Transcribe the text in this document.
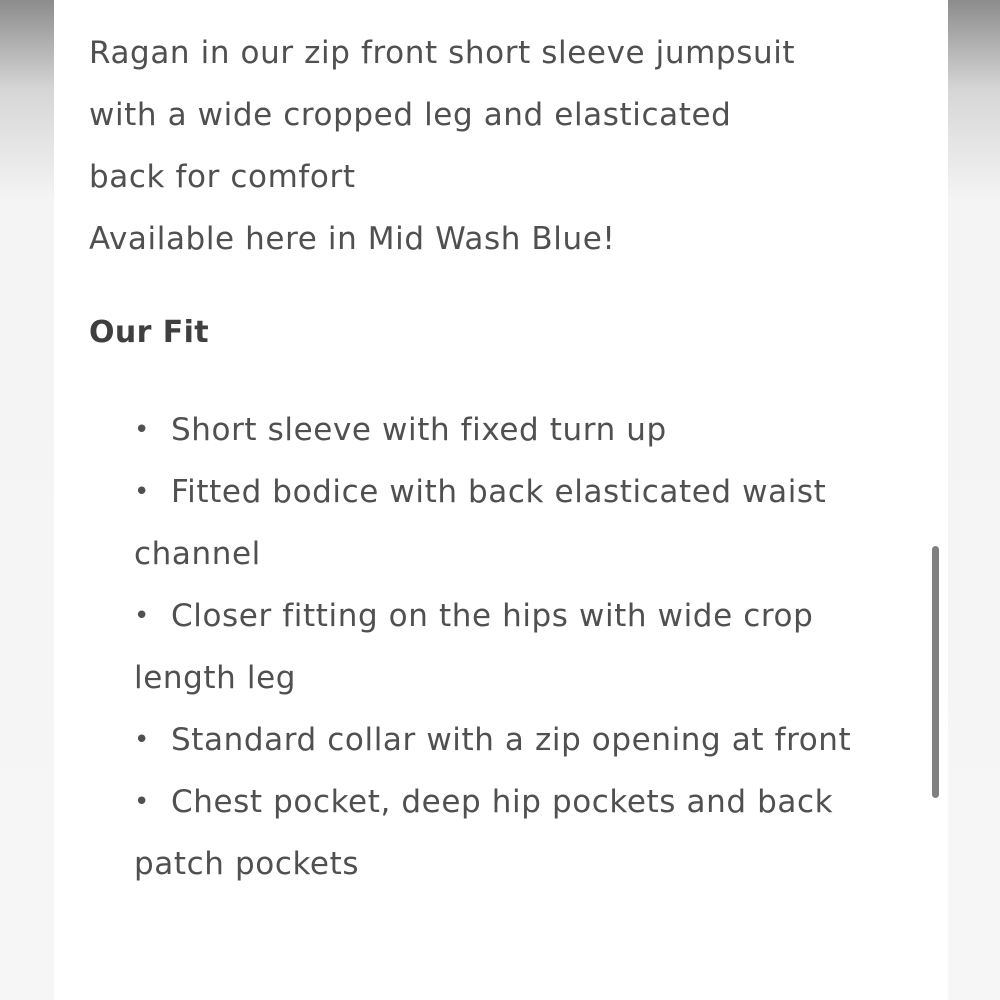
Ragan in our zip front short sleeve jumpsuit

with a wide cropped leg and elasticated

back for comfort

Available here in Mid Wash Blue!

Our Fit
• Short sleeve with fixed turn up
• Fitted bodice with back elasticated waist channel
• Closer fitting on the hips with wide crop length leg
• Standard collar with a zip opening at front
• Chest pocket, deep hip pockets and back patch pockets
